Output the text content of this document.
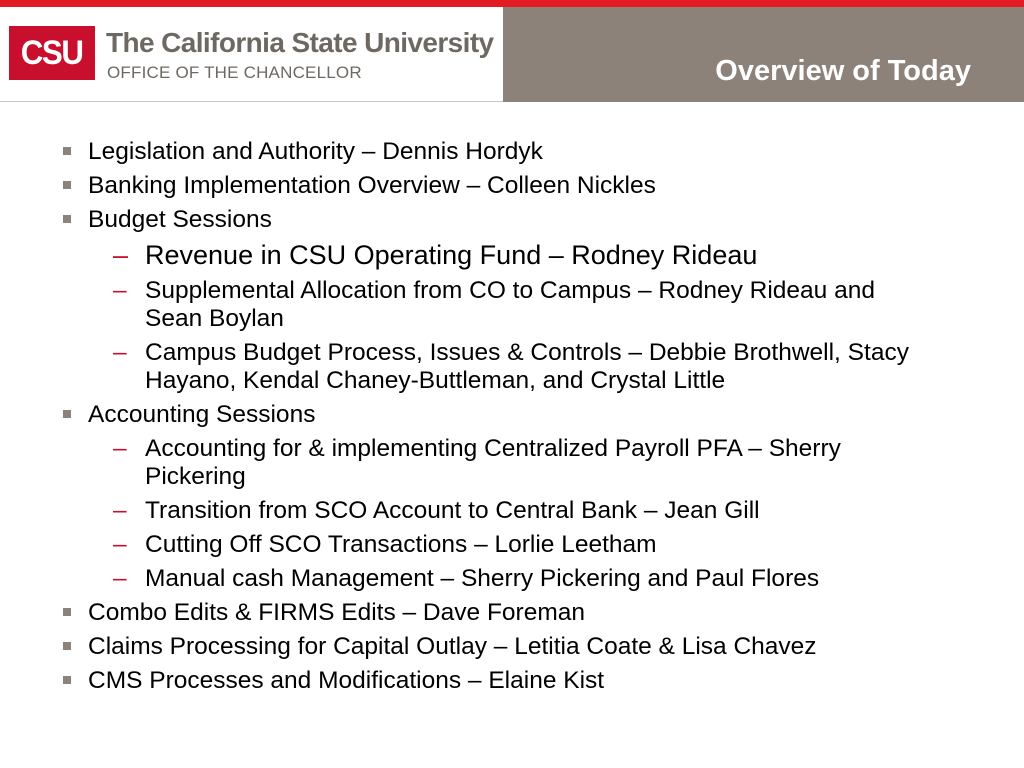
CSU The California State University
OFFICE OF THE CHANCELLOR	Overview of Today
Legislation and Authority – Dennis Hordyk
Banking Implementation Overview – Colleen Nickles
Budget Sessions
– Revenue in CSU Operating Fund – Rodney Rideau
– Supplemental Allocation from CO to Campus – Rodney Rideau and Sean Boylan
– Campus Budget Process, Issues & Controls – Debbie Brothwell, Stacy Hayano, Kendal Chaney-Buttleman, and Crystal Little
Accounting Sessions
– Accounting for & implementing Centralized Payroll PFA – Sherry Pickering
– Transition from SCO Account to Central Bank – Jean Gill
– Cutting Off SCO Transactions – Lorlie Leetham
– Manual cash Management – Sherry Pickering and Paul Flores
Combo Edits & FIRMS Edits – Dave Foreman
Claims Processing for Capital Outlay – Letitia Coate & Lisa Chavez
CMS Processes and Modifications – Elaine Kist
